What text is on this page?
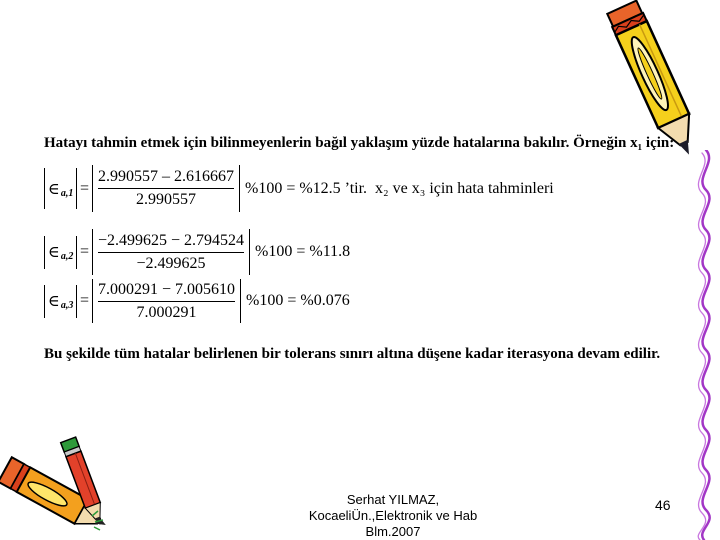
Hatayı tahmin etmek için bilinmeyenlerin bağıl yaklaşım yüzde hatalarına bakılır. Örneğin x₁ için:
∈ $a,1 = \frac{2.990557 - 2.616667}{2.990557} \%100 = \%12.5$ ’tir.  x₂ ve x₃ için hata tahminleri
∈ $a,2 = \frac{-2.499625 - 2.794524}{-2.499625} \%100 = \%11.8$
∈ $a,3 = \frac{7.000291 - 7.005610}{7.000291} \%100 = \%0.076$
Bu şekilde tüm hatalar belirlenen bir tolerans sınırı altına düşene kadar iterasyona devam edilir.
Serhat YILMAZ,
KocaeliÜn.,Elektronik ve Hab
Blm.2007
46
